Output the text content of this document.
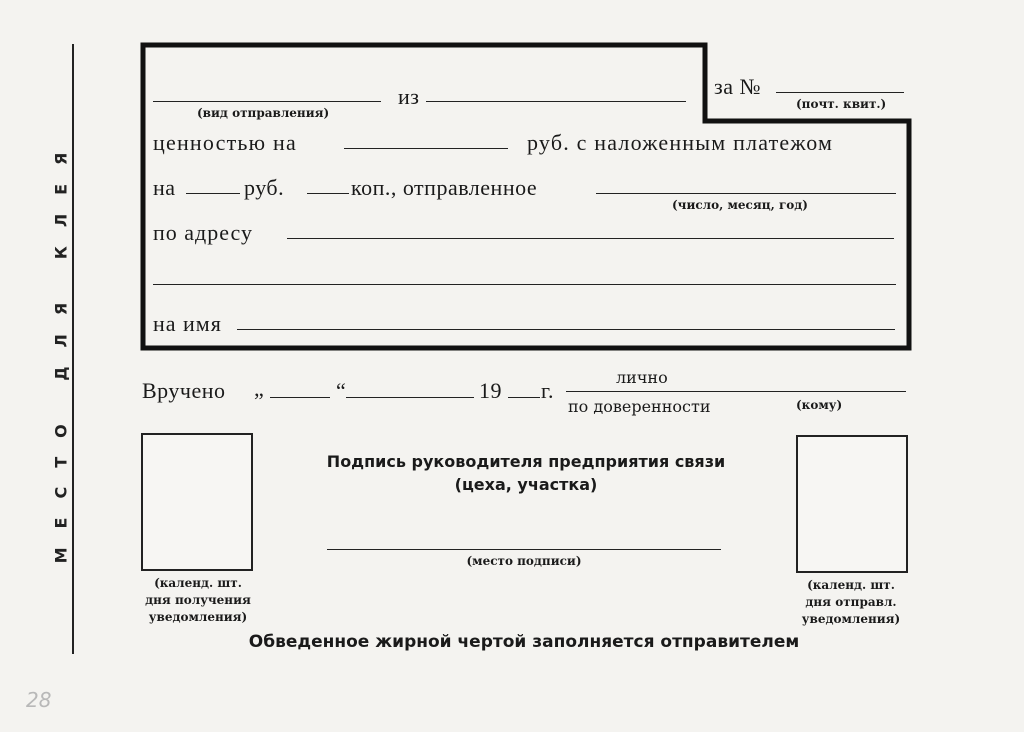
МЕСТО ДЛЯ КЛЕЯ
(вид отправления)
из	за №
(почт. квит.)
ценностью на	руб. с наложенным платежом
на	руб.	коп., отправленное
(число, месяц, год)
по адресу
на имя
Вручено „	“	19 г.
лично
по доверенности	(кому)
(календ. шт.
дня получения
уведомления)
(календ. шт.
дня отправл.
уведомления)
Подпись руководителя предприятия связи
(цеха, участка)
(место подписи)
Обведенное жирной чертой заполняется отправителем
28
